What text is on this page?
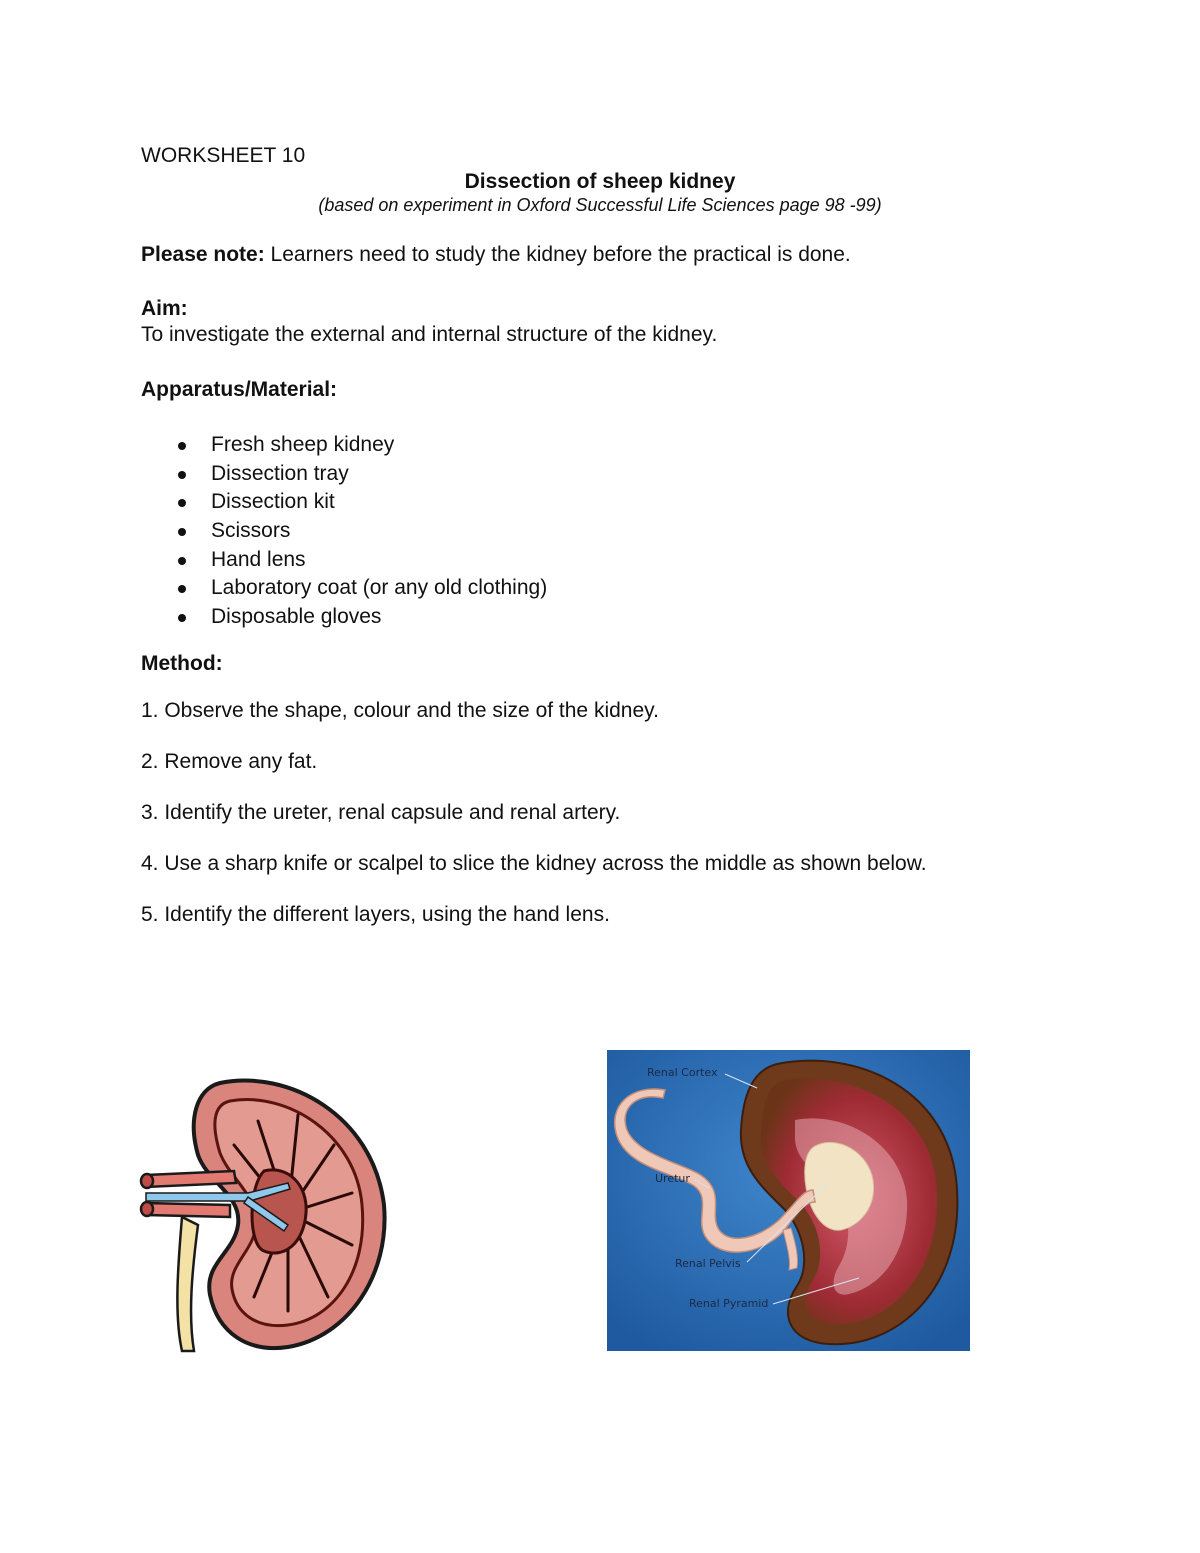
WORKSHEET 10
Dissection of sheep kidney
(based on experiment in Oxford Successful Life Sciences page 98 -99)
Please note: Learners need to study the kidney before the practical is done.
Aim:
To investigate the external and internal structure of the kidney.
Apparatus/Material:
Fresh sheep kidney
Dissection tray
Dissection kit
Scissors
Hand lens
Laboratory coat (or any old clothing)
Disposable gloves
Method:
1. Observe the shape, colour and the size of the kidney.
2. Remove any fat.
3. Identify the ureter, renal capsule and renal artery.
4. Use a sharp knife or scalpel to slice the kidney across the middle as shown below.
5. Identify the different layers, using the hand lens.
Renal Cortex
Uretur
Renal Pelvis
Renal Pyramid
